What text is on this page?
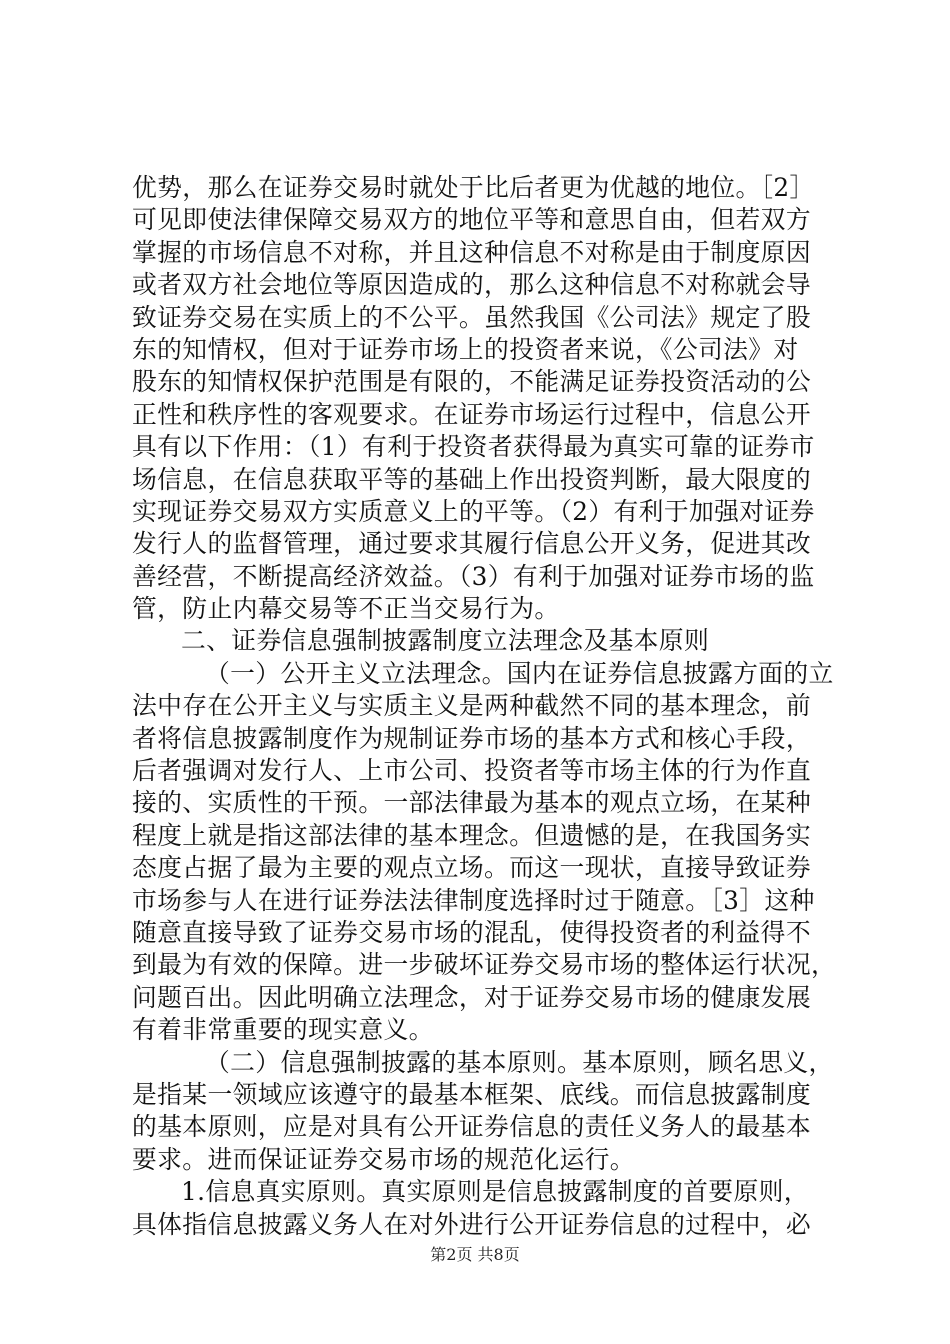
优势，那么在证券交易时就处于比后者更为优越的地位。［2］
可见即使法律保障交易双方的地位平等和意思自由，但若双方
掌握的市场信息不对称，并且这种信息不对称是由于制度原因
或者双方社会地位等原因造成的，那么这种信息不对称就会导
致证券交易在实质上的不公平。虽然我国《公司法》规定了股
东的知情权，但对于证券市场上的投资者来说，《公司法》对
股东的知情权保护范围是有限的，不能满足证券投资活动的公
正性和秩序性的客观要求。在证券市场运行过程中，信息公开
具有以下作用：（1）有利于投资者获得最为真实可靠的证券市
场信息，在信息获取平等的基础上作出投资判断，最大限度的
实现证券交易双方实质意义上的平等。（2）有利于加强对证券
发行人的监督管理，通过要求其履行信息公开义务，促进其改
善经营，不断提高经济效益。（3）有利于加强对证券市场的监
管，防止内幕交易等不正当交易行为。
二、证券信息强制披露制度立法理念及基本原则
（一）公开主义立法理念。国内在证券信息披露方面的立
法中存在公开主义与实质主义是两种截然不同的基本理念，前
者将信息披露制度作为规制证券市场的基本方式和核心手段，
后者强调对发行人、上市公司、投资者等市场主体的行为作直
接的、实质性的干预。一部法律最为基本的观点立场，在某种
程度上就是指这部法律的基本理念。但遗憾的是，在我国务实
态度占据了最为主要的观点立场。而这一现状，直接导致证券
市场参与人在进行证券法法律制度选择时过于随意。［3］这种
随意直接导致了证券交易市场的混乱，使得投资者的利益得不
到最为有效的保障。进一步破坏证券交易市场的整体运行状况，
问题百出。因此明确立法理念，对于证券交易市场的健康发展
有着非常重要的现实意义。
（二）信息强制披露的基本原则。基本原则，顾名思义，
是指某一领域应该遵守的最基本框架、底线。而信息披露制度
的基本原则，应是对具有公开证券信息的责任义务人的最基本
要求。进而保证证券交易市场的规范化运行。
1.信息真实原则。真实原则是信息披露制度的首要原则，
具体指信息披露义务人在对外进行公开证券信息的过程中，必
第2页 共8页
